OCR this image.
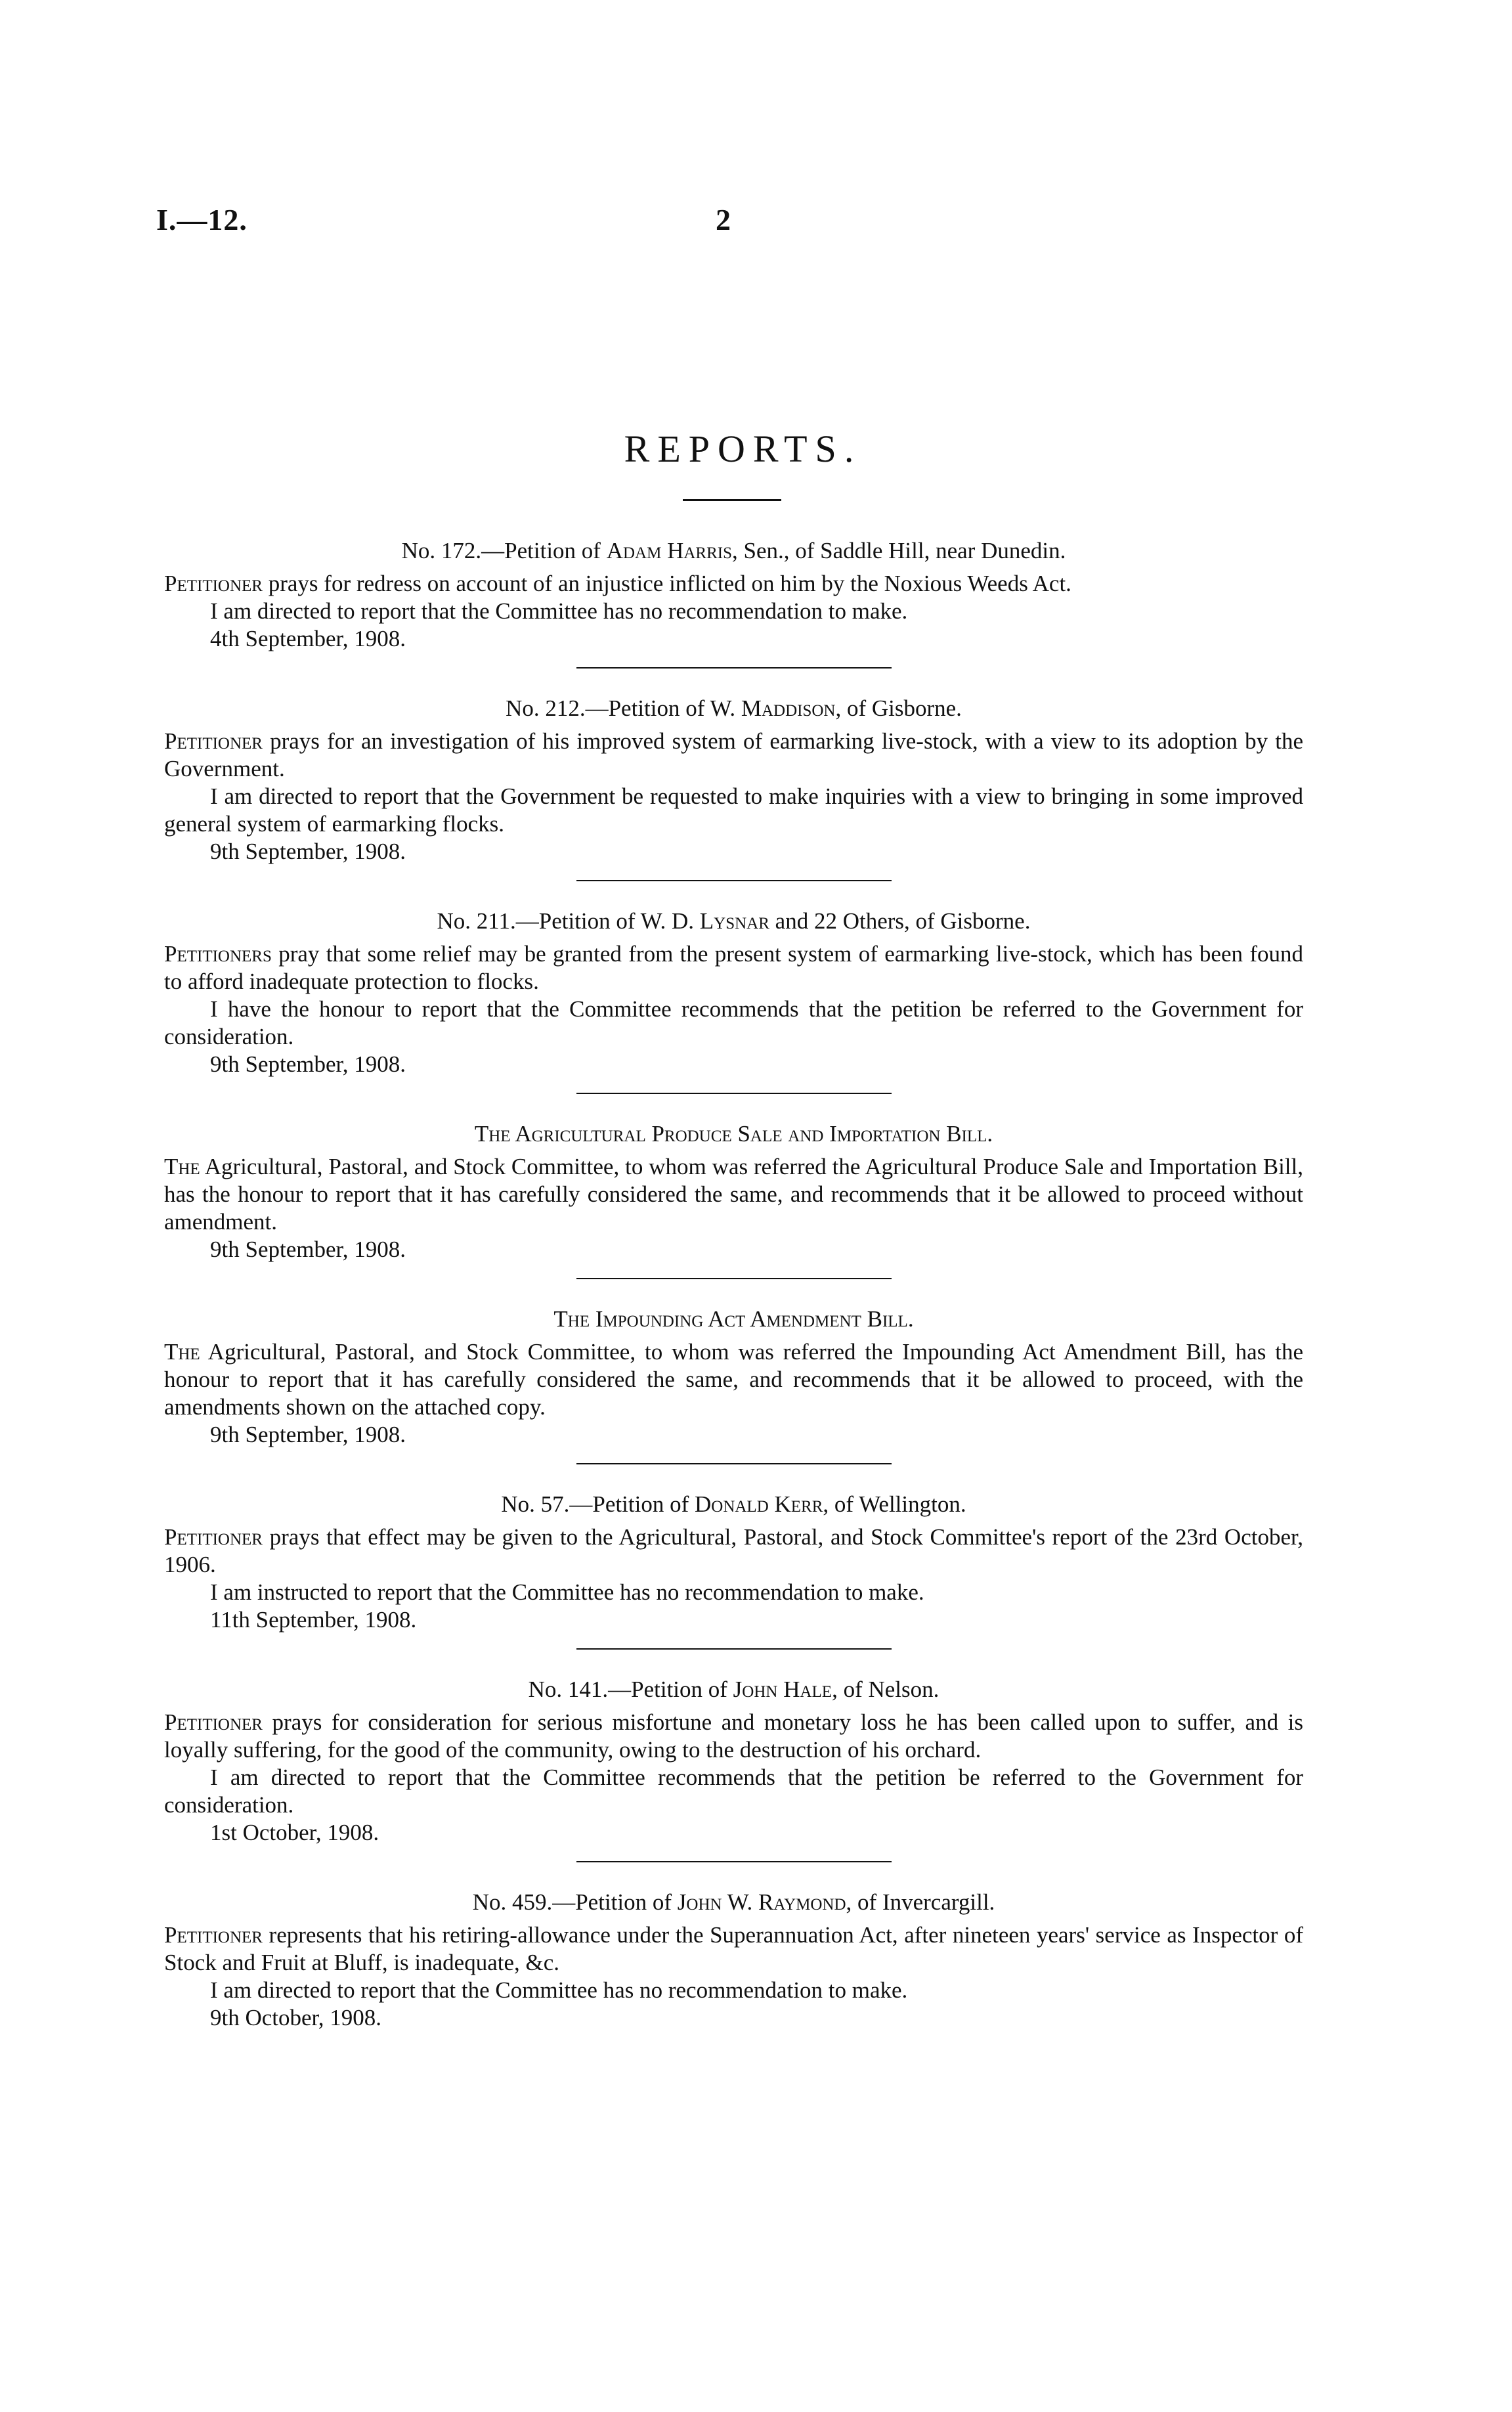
I.—12.	2
REPORTS.
No. 172.—Petition of Adam Harris, Sen., of Saddle Hill, near Dunedin.

Petitioner prays for redress on account of an injustice inflicted on him by the Noxious Weeds Act.

I am directed to report that the Committee has no recommendation to make.

4th September, 1908.

No. 212.—Petition of W. Maddison, of Gisborne.

Petitioner prays for an investigation of his improved system of earmarking live-stock, with a view to its adoption by the Government.

I am directed to report that the Government be requested to make inquiries with a view to bringing in some improved general system of earmarking flocks.

9th September, 1908.

No. 211.—Petition of W. D. Lysnar and 22 Others, of Gisborne.

Petitioners pray that some relief may be granted from the present system of earmarking live-stock, which has been found to afford inadequate protection to flocks.

I have the honour to report that the Committee recommends that the petition be referred to the Government for consideration.

9th September, 1908.

The Agricultural Produce Sale and Importation Bill.

The Agricultural, Pastoral, and Stock Committee, to whom was referred the Agricultural Produce Sale and Importation Bill, has the honour to report that it has carefully considered the same, and recommends that it be allowed to proceed without amendment.

9th September, 1908.

The Impounding Act Amendment Bill.

The Agricultural, Pastoral, and Stock Committee, to whom was referred the Impounding Act Amendment Bill, has the honour to report that it has carefully considered the same, and recommends that it be allowed to proceed, with the amendments shown on the attached copy.

9th September, 1908.

No. 57.—Petition of Donald Kerr, of Wellington.

Petitioner prays that effect may be given to the Agricultural, Pastoral, and Stock Committee's report of the 23rd October, 1906.

I am instructed to report that the Committee has no recommendation to make.

11th September, 1908.

No. 141.—Petition of John Hale, of Nelson.

Petitioner prays for consideration for serious misfortune and monetary loss he has been called upon to suffer, and is loyally suffering, for the good of the community, owing to the destruction of his orchard.

I am directed to report that the Committee recommends that the petition be referred to the Government for consideration.

1st October, 1908.

No. 459.—Petition of John W. Raymond, of Invercargill.

Petitioner represents that his retiring-allowance under the Superannuation Act, after nineteen years' service as Inspector of Stock and Fruit at Bluff, is inadequate, &c.

I am directed to report that the Committee has no recommendation to make.

9th October, 1908.
